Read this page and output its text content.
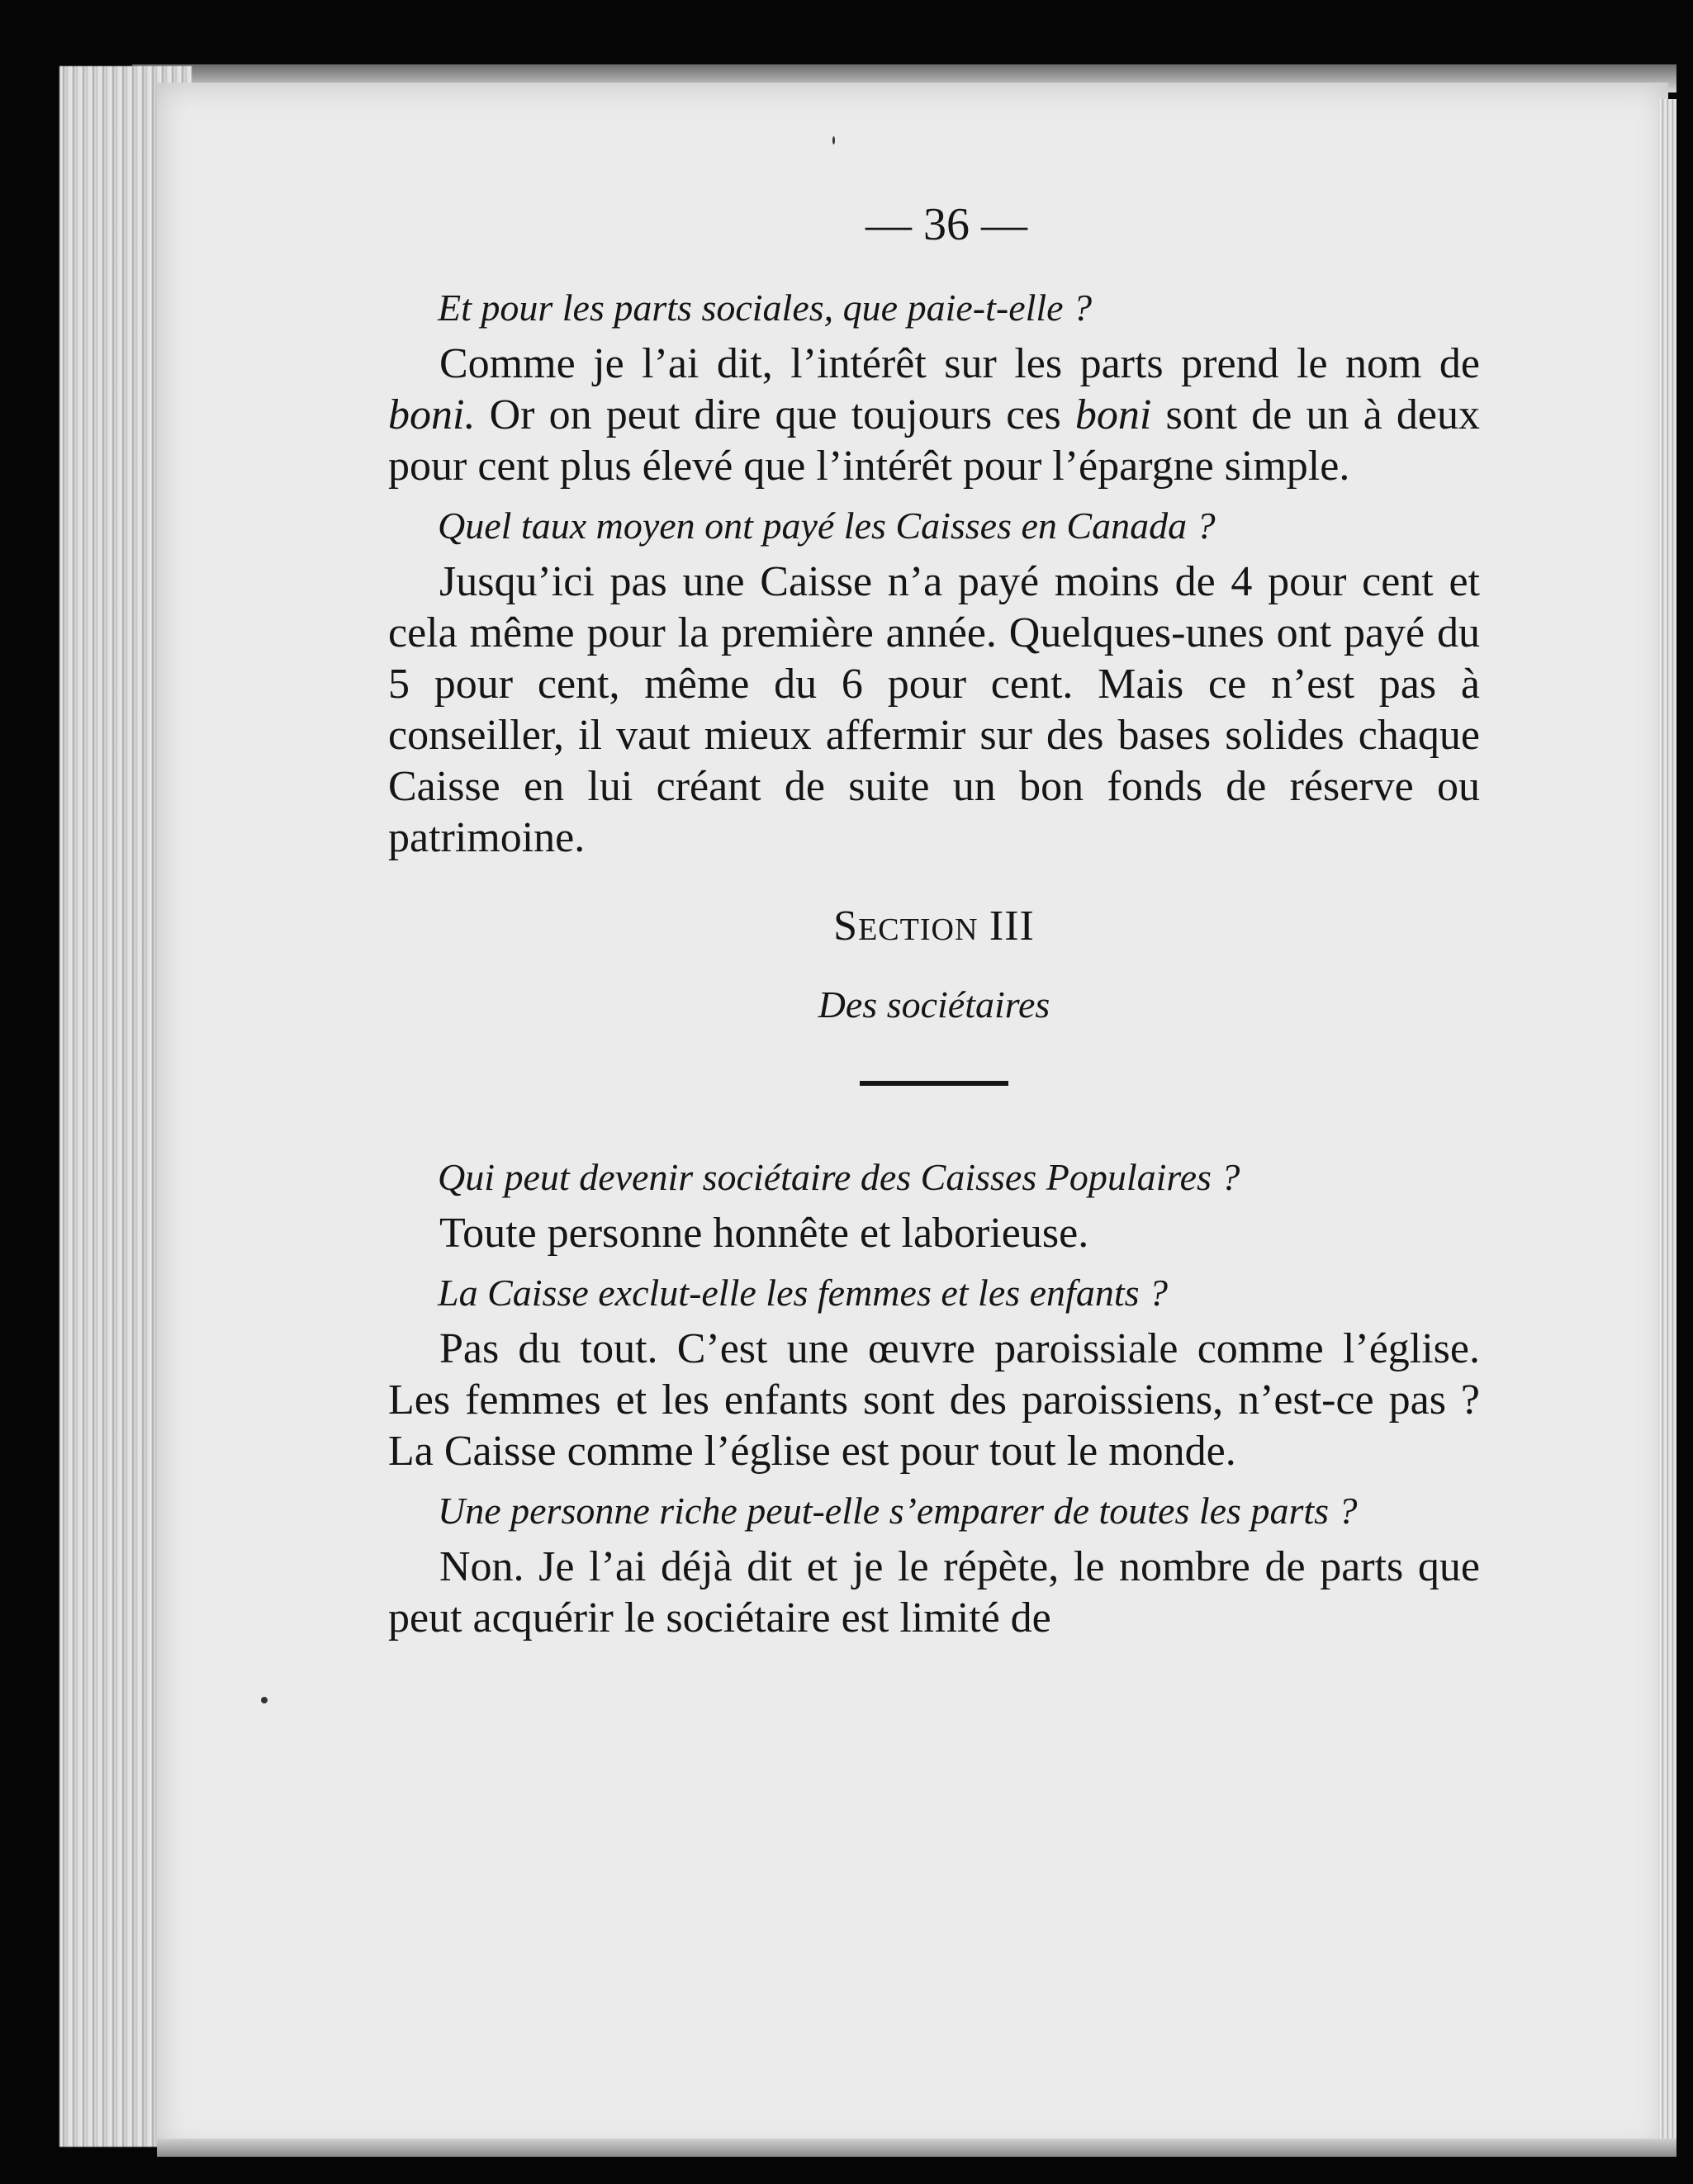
— 36 —

Et pour les parts sociales, que paie-t-elle ?

Comme je l’ai dit, l’intérêt sur les parts prend le nom de boni. Or on peut dire que toujours ces boni sont de un à deux pour cent plus élevé que l’intérêt pour l’épargne simple.

Quel taux moyen ont payé les Caisses en Canada ?

Jusqu’ici pas une Caisse n’a payé moins de 4 pour cent et cela même pour la première année. Quelques-unes ont payé du 5 pour cent, même du 6 pour cent. Mais ce n’est pas à conseiller, il vaut mieux affermir sur des bases solides chaque Caisse en lui créant de suite un bon fonds de réserve ou patrimoine.

SECTION III
Des sociétaires

Qui peut devenir sociétaire des Caisses Populaires ?

Toute personne honnête et laborieuse.

La Caisse exclut-elle les femmes et les enfants ?

Pas du tout. C’est une œuvre paroissiale comme l’église. Les femmes et les enfants sont des paroissiens, n’est-ce pas ? La Caisse comme l’église est pour tout le monde.

Une personne riche peut-elle s’emparer de toutes les parts ?

Non. Je l’ai déjà dit et je le répète, le nombre de parts que peut acquérir le sociétaire est limité de
